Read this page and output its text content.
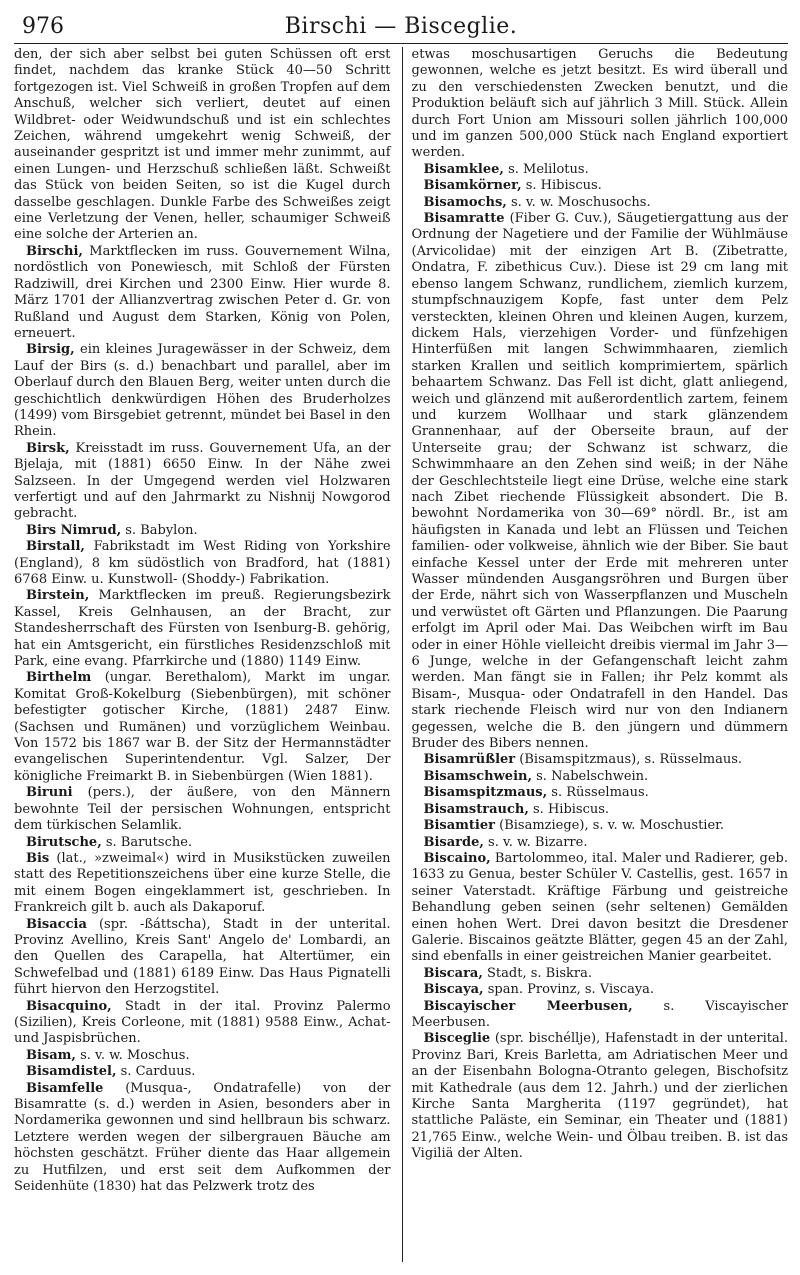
976	Birschi — Bisceglie.

den, der sich aber selbst bei guten Schüssen oft erst findet, nachdem das kranke Stück 40—50 Schritt fortgezogen ist. Viel Schweiß in großen Tropfen auf dem Anschuß, welcher sich verliert, deutet auf einen Wildbret- oder Weidwundschuß und ist ein schlechtes Zeichen, während umgekehrt wenig Schweiß, der auseinander gespritzt ist und immer mehr zunimmt, auf einen Lungen- und Herzschuß schließen läßt. Schweißt das Stück von beiden Seiten, so ist die Kugel durch dasselbe geschlagen. Dunkle Farbe des Schweißes zeigt eine Verletzung der Venen, heller, schaumiger Schweiß eine solche der Arterien an.

Birschi, Marktflecken im russ. Gouvernement Wilna, nordöstlich von Ponewiesch, mit Schloß der Fürsten Radziwill, drei Kirchen und 2300 Einw. Hier wurde 8. März 1701 der Allianzvertrag zwischen Peter d. Gr. von Rußland und August dem Starken, König von Polen, erneuert.

Birsig, ein kleines Juragewässer in der Schweiz, dem Lauf der Birs (s. d.) benachbart und parallel, aber im Oberlauf durch den Blauen Berg, weiter unten durch die geschichtlich denkwürdigen Höhen des Bruderholzes (1499) vom Birsgebiet getrennt, mündet bei Basel in den Rhein.

Birsk, Kreisstadt im russ. Gouvernement Ufa, an der Bjelaja, mit (1881) 6650 Einw. In der Nähe zwei Salzseen. In der Umgegend werden viel Holzwaren verfertigt und auf den Jahrmarkt zu Nishnij Nowgorod gebracht.

Birs Nimrud, s. Babylon.

Birstall, Fabrikstadt im West Riding von Yorkshire (England), 8 km südöstlich von Bradford, hat (1881) 6768 Einw. u. Kunstwoll- (Shoddy-) Fabrikation.

Birstein, Marktflecken im preuß. Regierungsbezirk Kassel, Kreis Gelnhausen, an der Bracht, zur Standesherrschaft des Fürsten von Isenburg-B. gehörig, hat ein Amtsgericht, ein fürstliches Residenzschloß mit Park, eine evang. Pfarrkirche und (1880) 1149 Einw.

Birthelm (ungar. Berethalom), Markt im ungar. Komitat Groß-Kokelburg (Siebenbürgen), mit schöner befestigter gotischer Kirche, (1881) 2487 Einw. (Sachsen und Rumänen) und vorzüglichem Weinbau. Von 1572 bis 1867 war B. der Sitz der Hermannstädter evangelischen Superintendentur. Vgl. Salzer, Der königliche Freimarkt B. in Siebenbürgen (Wien 1881).

Biruni (pers.), der äußere, von den Männern bewohnte Teil der persischen Wohnungen, entspricht dem türkischen Selamlik.

Birutsche, s. Barutsche.

Bis (lat., »zweimal«) wird in Musikstücken zuweilen statt des Repetitionszeichens über eine kurze Stelle, die mit einem Bogen eingeklammert ist, geschrieben. In Frankreich gilt b. auch als Dakaporuf.

Bisaccia (spr. -ßáttscha), Stadt in der unterital. Provinz Avellino, Kreis Sant' Angelo de' Lombardi, an den Quellen des Carapella, hat Altertümer, ein Schwefelbad und (1881) 6189 Einw. Das Haus Pignatelli führt hiervon den Herzogstitel.

Bisacquino, Stadt in der ital. Provinz Palermo (Sizilien), Kreis Corleone, mit (1881) 9588 Einw., Achat- und Jaspisbrüchen.

Bisam, s. v. w. Moschus.

Bisamdistel, s. Carduus.

Bisamfelle (Musqua-, Ondatrafelle) von der Bisamratte (s. d.) werden in Asien, besonders aber in Nordamerika gewonnen und sind hellbraun bis schwarz. Letztere werden wegen der silbergrauen Bäuche am höchsten geschätzt. Früher diente das Haar allgemein zu Hutfilzen, und erst seit dem Aufkommen der Seidenhüte (1830) hat das Pelzwerk trotz des

etwas moschusartigen Geruchs die Bedeutung gewonnen, welche es jetzt besitzt. Es wird überall und zu den verschiedensten Zwecken benutzt, und die Produktion beläuft sich auf jährlich 3 Mill. Stück. Allein durch Fort Union am Missouri sollen jährlich 100,000 und im ganzen 500,000 Stück nach England exportiert werden.

Bisamklee, s. Melilotus.

Bisamkörner, s. Hibiscus.

Bisamochs, s. v. w. Moschusochs.

Bisamratte (Fiber G. Cuv.), Säugetiergattung aus der Ordnung der Nagetiere und der Familie der Wühlmäuse (Arvicolidae) mit der einzigen Art B. (Zibetratte, Ondatra, F. zibethicus Cuv.). Diese ist 29 cm lang mit ebenso langem Schwanz, rundlichem, ziemlich kurzem, stumpfschnauzigem Kopfe, fast unter dem Pelz versteckten, kleinen Ohren und kleinen Augen, kurzem, dickem Hals, vierzehigen Vorder- und fünfzehigen Hinterfüßen mit langen Schwimmhaaren, ziemlich starken Krallen und seitlich komprimiertem, spärlich behaartem Schwanz. Das Fell ist dicht, glatt anliegend, weich und glänzend mit außerordentlich zartem, feinem und kurzem Wollhaar und stark glänzendem Grannenhaar, auf der Oberseite braun, auf der Unterseite grau; der Schwanz ist schwarz, die Schwimmhaare an den Zehen sind weiß; in der Nähe der Geschlechtsteile liegt eine Drüse, welche eine stark nach Zibet riechende Flüssigkeit absondert. Die B. bewohnt Nordamerika von 30—69° nördl. Br., ist am häufigsten in Kanada und lebt an Flüssen und Teichen familien- oder volkweise, ähnlich wie der Biber. Sie baut einfache Kessel unter der Erde mit mehreren unter Wasser mündenden Ausgangsröhren und Burgen über der Erde, nährt sich von Wasserpflanzen und Muscheln und verwüstet oft Gärten und Pflanzungen. Die Paarung erfolgt im April oder Mai. Das Weibchen wirft im Bau oder in einer Höhle vielleicht dreibis viermal im Jahr 3—6 Junge, welche in der Gefangenschaft leicht zahm werden. Man fängt sie in Fallen; ihr Pelz kommt als Bisam-, Musqua- oder Ondatrafell in den Handel. Das stark riechende Fleisch wird nur von den Indianern gegessen, welche die B. den jüngern und dümmern Bruder des Bibers nennen.

Bisamrüßler (Bisamspitzmaus), s. Rüsselmaus.

Bisamschwein, s. Nabelschwein.

Bisamspitzmaus, s. Rüsselmaus.

Bisamstrauch, s. Hibiscus.

Bisamtier (Bisamziege), s. v. w. Moschustier.

Bisarde, s. v. w. Bizarre.

Biscaino, Bartolommeo, ital. Maler und Radierer, geb. 1633 zu Genua, bester Schüler V. Castellis, gest. 1657 in seiner Vaterstadt. Kräftige Färbung und geistreiche Behandlung geben seinen (sehr seltenen) Gemälden einen hohen Wert. Drei davon besitzt die Dresdener Galerie. Biscainos geätzte Blätter, gegen 45 an der Zahl, sind ebenfalls in einer geistreichen Manier gearbeitet.

Biscara, Stadt, s. Biskra.

Biscaya, span. Provinz, s. Viscaya.

Biscayischer Meerbusen, s. Viscayischer Meerbusen.

Bisceglie (spr. bischéllje), Hafenstadt in der unterital. Provinz Bari, Kreis Barletta, am Adriatischen Meer und an der Eisenbahn Bologna-Otranto gelegen, Bischofsitz mit Kathedrale (aus dem 12. Jahrh.) und der zierlichen Kirche Santa Margherita (1197 gegründet), hat stattliche Paläste, ein Seminar, ein Theater und (1881) 21,765 Einw., welche Wein- und Ölbau treiben. B. ist das Vigiliä der Alten.
